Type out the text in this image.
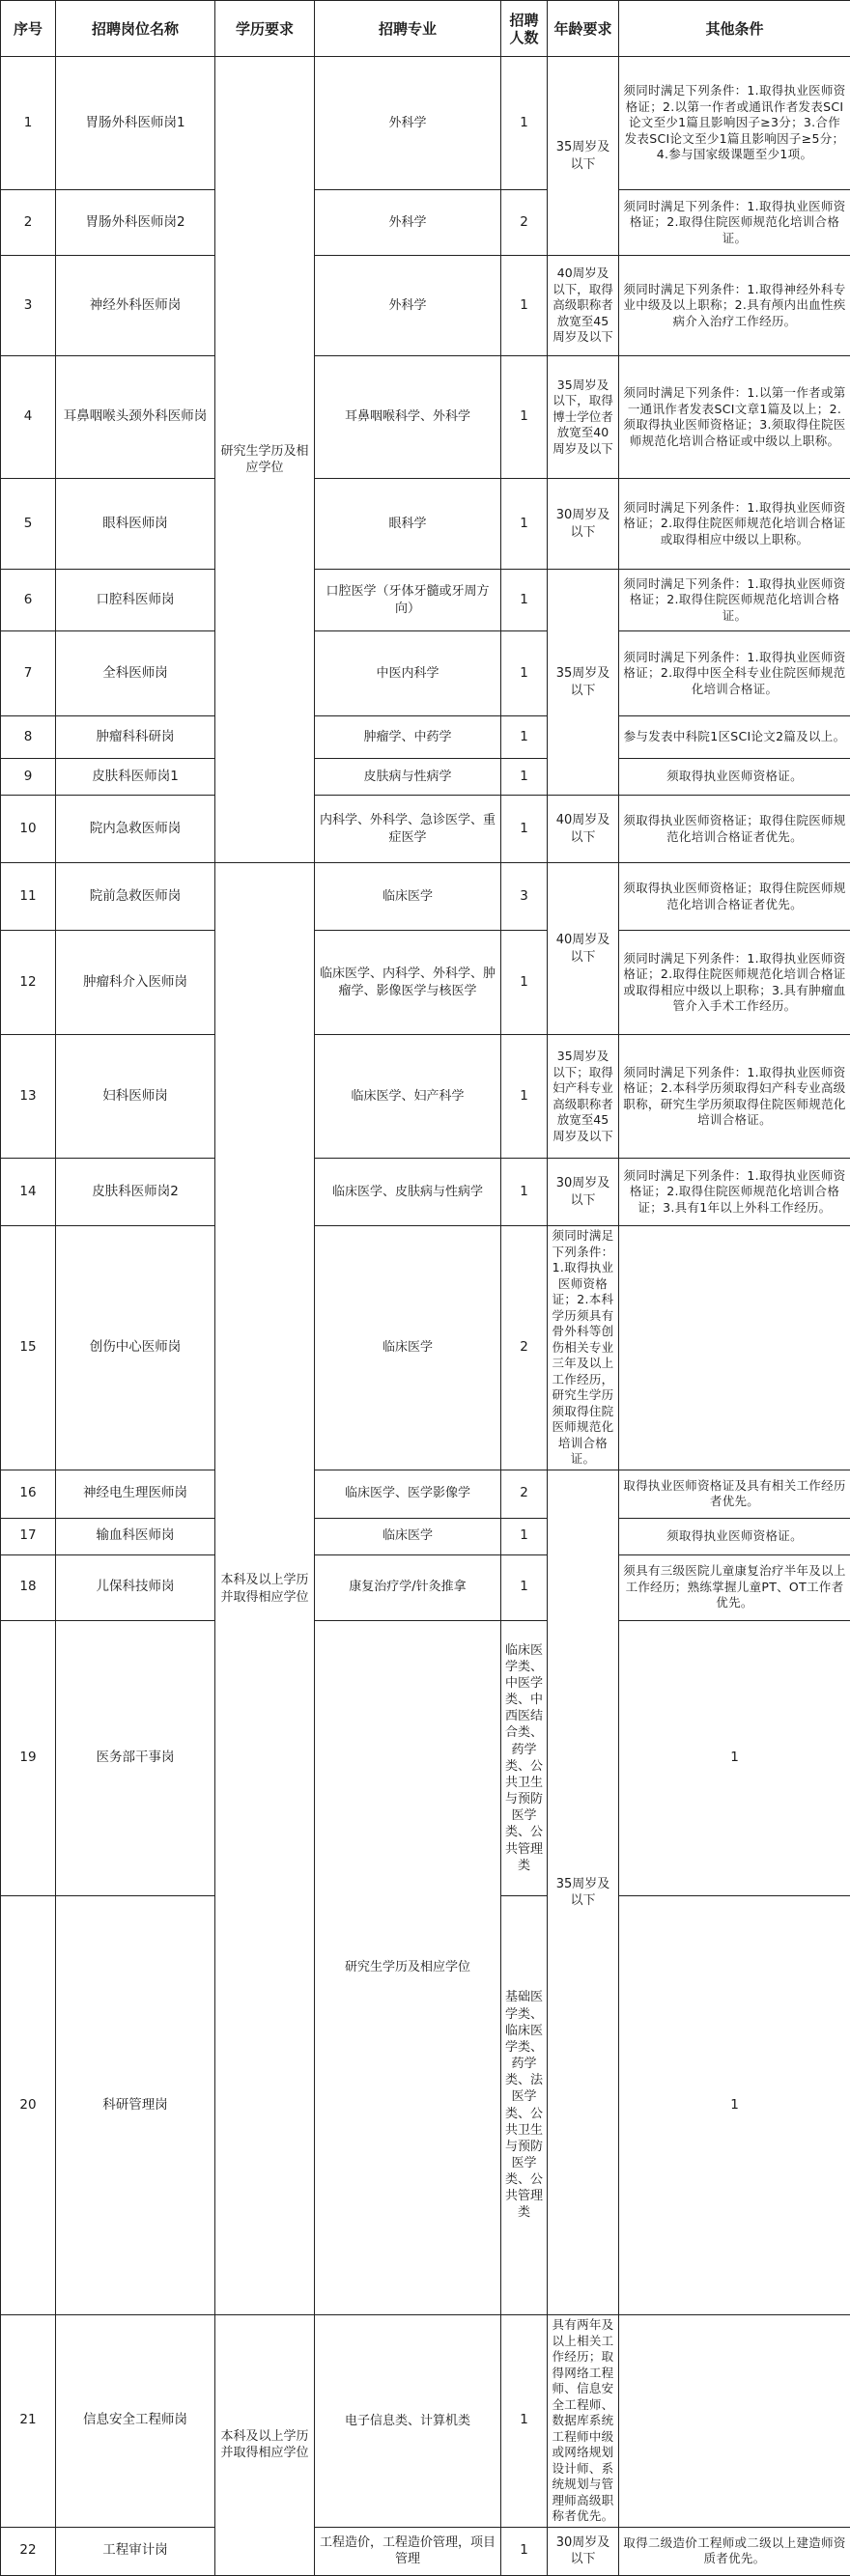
序号	招聘岗位名称	学历要求	招聘专业	招聘人数	年龄要求	其他条件	
1	胃肠外科医师岗1	研究生学历及相应学位	外科学	1	35周岁及以下	须同时满足下列条件：1.取得执业医师资格证；2.以第一作者或通讯作者发表SCI论文至少1篇且影响因子≥3分；3.合作发表SCI论文至少1篇且影响因子≥5分；4.参与国家级课题至少1项。	
2	胃肠外科医师岗2		外科学	2		须同时满足下列条件：1.取得执业医师资格证；2.取得住院医师规范化培训合格证。	
3	神经外科医师岗		外科学	1	40周岁及以下，取得高级职称者放宽至45周岁及以下	须同时满足下列条件：1.取得神经外科专业中级及以上职称；2.具有颅内出血性疾病介入治疗工作经历。	
4	耳鼻咽喉头颈外科医师岗		耳鼻咽喉科学、外科学	1	35周岁及以下，取得博士学位者放宽至40周岁及以下	须同时满足下列条件：1.以第一作者或第一通讯作者发表SCI文章1篇及以上；2.须取得执业医师资格证；3.须取得住院医师规范化培训合格证或中级以上职称。	
5	眼科医师岗		眼科学	1	30周岁及以下	须同时满足下列条件：1.取得执业医师资格证；2.取得住院医师规范化培训合格证或取得相应中级以上职称。	
6	口腔科医师岗		口腔医学（牙体牙髓或牙周方向）	1	35周岁及以下	须同时满足下列条件：1.取得执业医师资格证；2.取得住院医师规范化培训合格证。	
7	全科医师岗		中医内科学	1		须同时满足下列条件：1.取得执业医师资格证；2.取得中医全科专业住院医师规范化培训合格证。	
8	肿瘤科科研岗		肿瘤学、中药学	1		参与发表中科院1区SCI论文2篇及以上。	
9	皮肤科医师岗1		皮肤病与性病学	1		须取得执业医师资格证。	
10	院内急救医师岗		内科学、外科学、急诊医学、重症医学	1	40周岁及以下	须取得执业医师资格证；取得住院医师规范化培训合格证者优先。	
11	院前急救医师岗	本科及以上学历并取得相应学位	临床医学	3	40周岁及以下	须取得执业医师资格证；取得住院医师规范化培训合格证者优先。	
12	肿瘤科介入医师岗		临床医学、内科学、外科学、肿瘤学、影像医学与核医学	1		须同时满足下列条件：1.取得执业医师资格证；2.取得住院医师规范化培训合格证或取得相应中级以上职称；3.具有肿瘤血管介入手术工作经历。	
13	妇科医师岗		临床医学、妇产科学	1	35周岁及以下；取得妇产科专业高级职称者放宽至45周岁及以下	须同时满足下列条件：1.取得执业医师资格证；2.本科学历须取得妇产科专业高级职称，研究生学历须取得住院医师规范化培训合格证。	
14	皮肤科医师岗2		临床医学、皮肤病与性病学	1	30周岁及以下	须同时满足下列条件：1.取得执业医师资格证；2.取得住院医师规范化培训合格证；3.具有1年以上外科工作经历。	
15	创伤中心医师岗		临床医学	2	须同时满足下列条件：1.取得执业医师资格证；2.本科学历须具有骨外科等创伤相关专业三年及以上工作经历，研究生学历须取得住院医师规范化培训合格证。		
16	神经电生理医师岗		临床医学、医学影像学	2	35周岁及以下	取得执业医师资格证及具有相关工作经历者优先。	
17	输血科医师岗		临床医学	1		须取得执业医师资格证。	
18	儿保科技师岗		康复治疗学/针灸推拿	1		须具有三级医院儿童康复治疗半年及以上工作经历；熟练掌握儿童PT、OT工作者优先。	
19	医务部干事岗		研究生学历及相应学位	临床医学类、中医学类、中西医结合类、药学类、公共卫生与预防医学类、公共管理类		1	
20	科研管理岗			基础医学类、临床医学类、药学类、法医学类、公共卫生与预防医学类、公共管理类		1	
21	信息安全工程师岗	本科及以上学历并取得相应学位	电子信息类、计算机类	1	具有两年及以上相关工作经历；取得网络工程师、信息安全工程师、数据库系统工程师中级或网络规划设计师、系统规划与管理师高级职称者优先。		
22	工程审计岗		工程造价，工程造价管理，项目管理	1	30周岁及以下	取得二级造价工程师或二级以上建造师资质者优先。	
